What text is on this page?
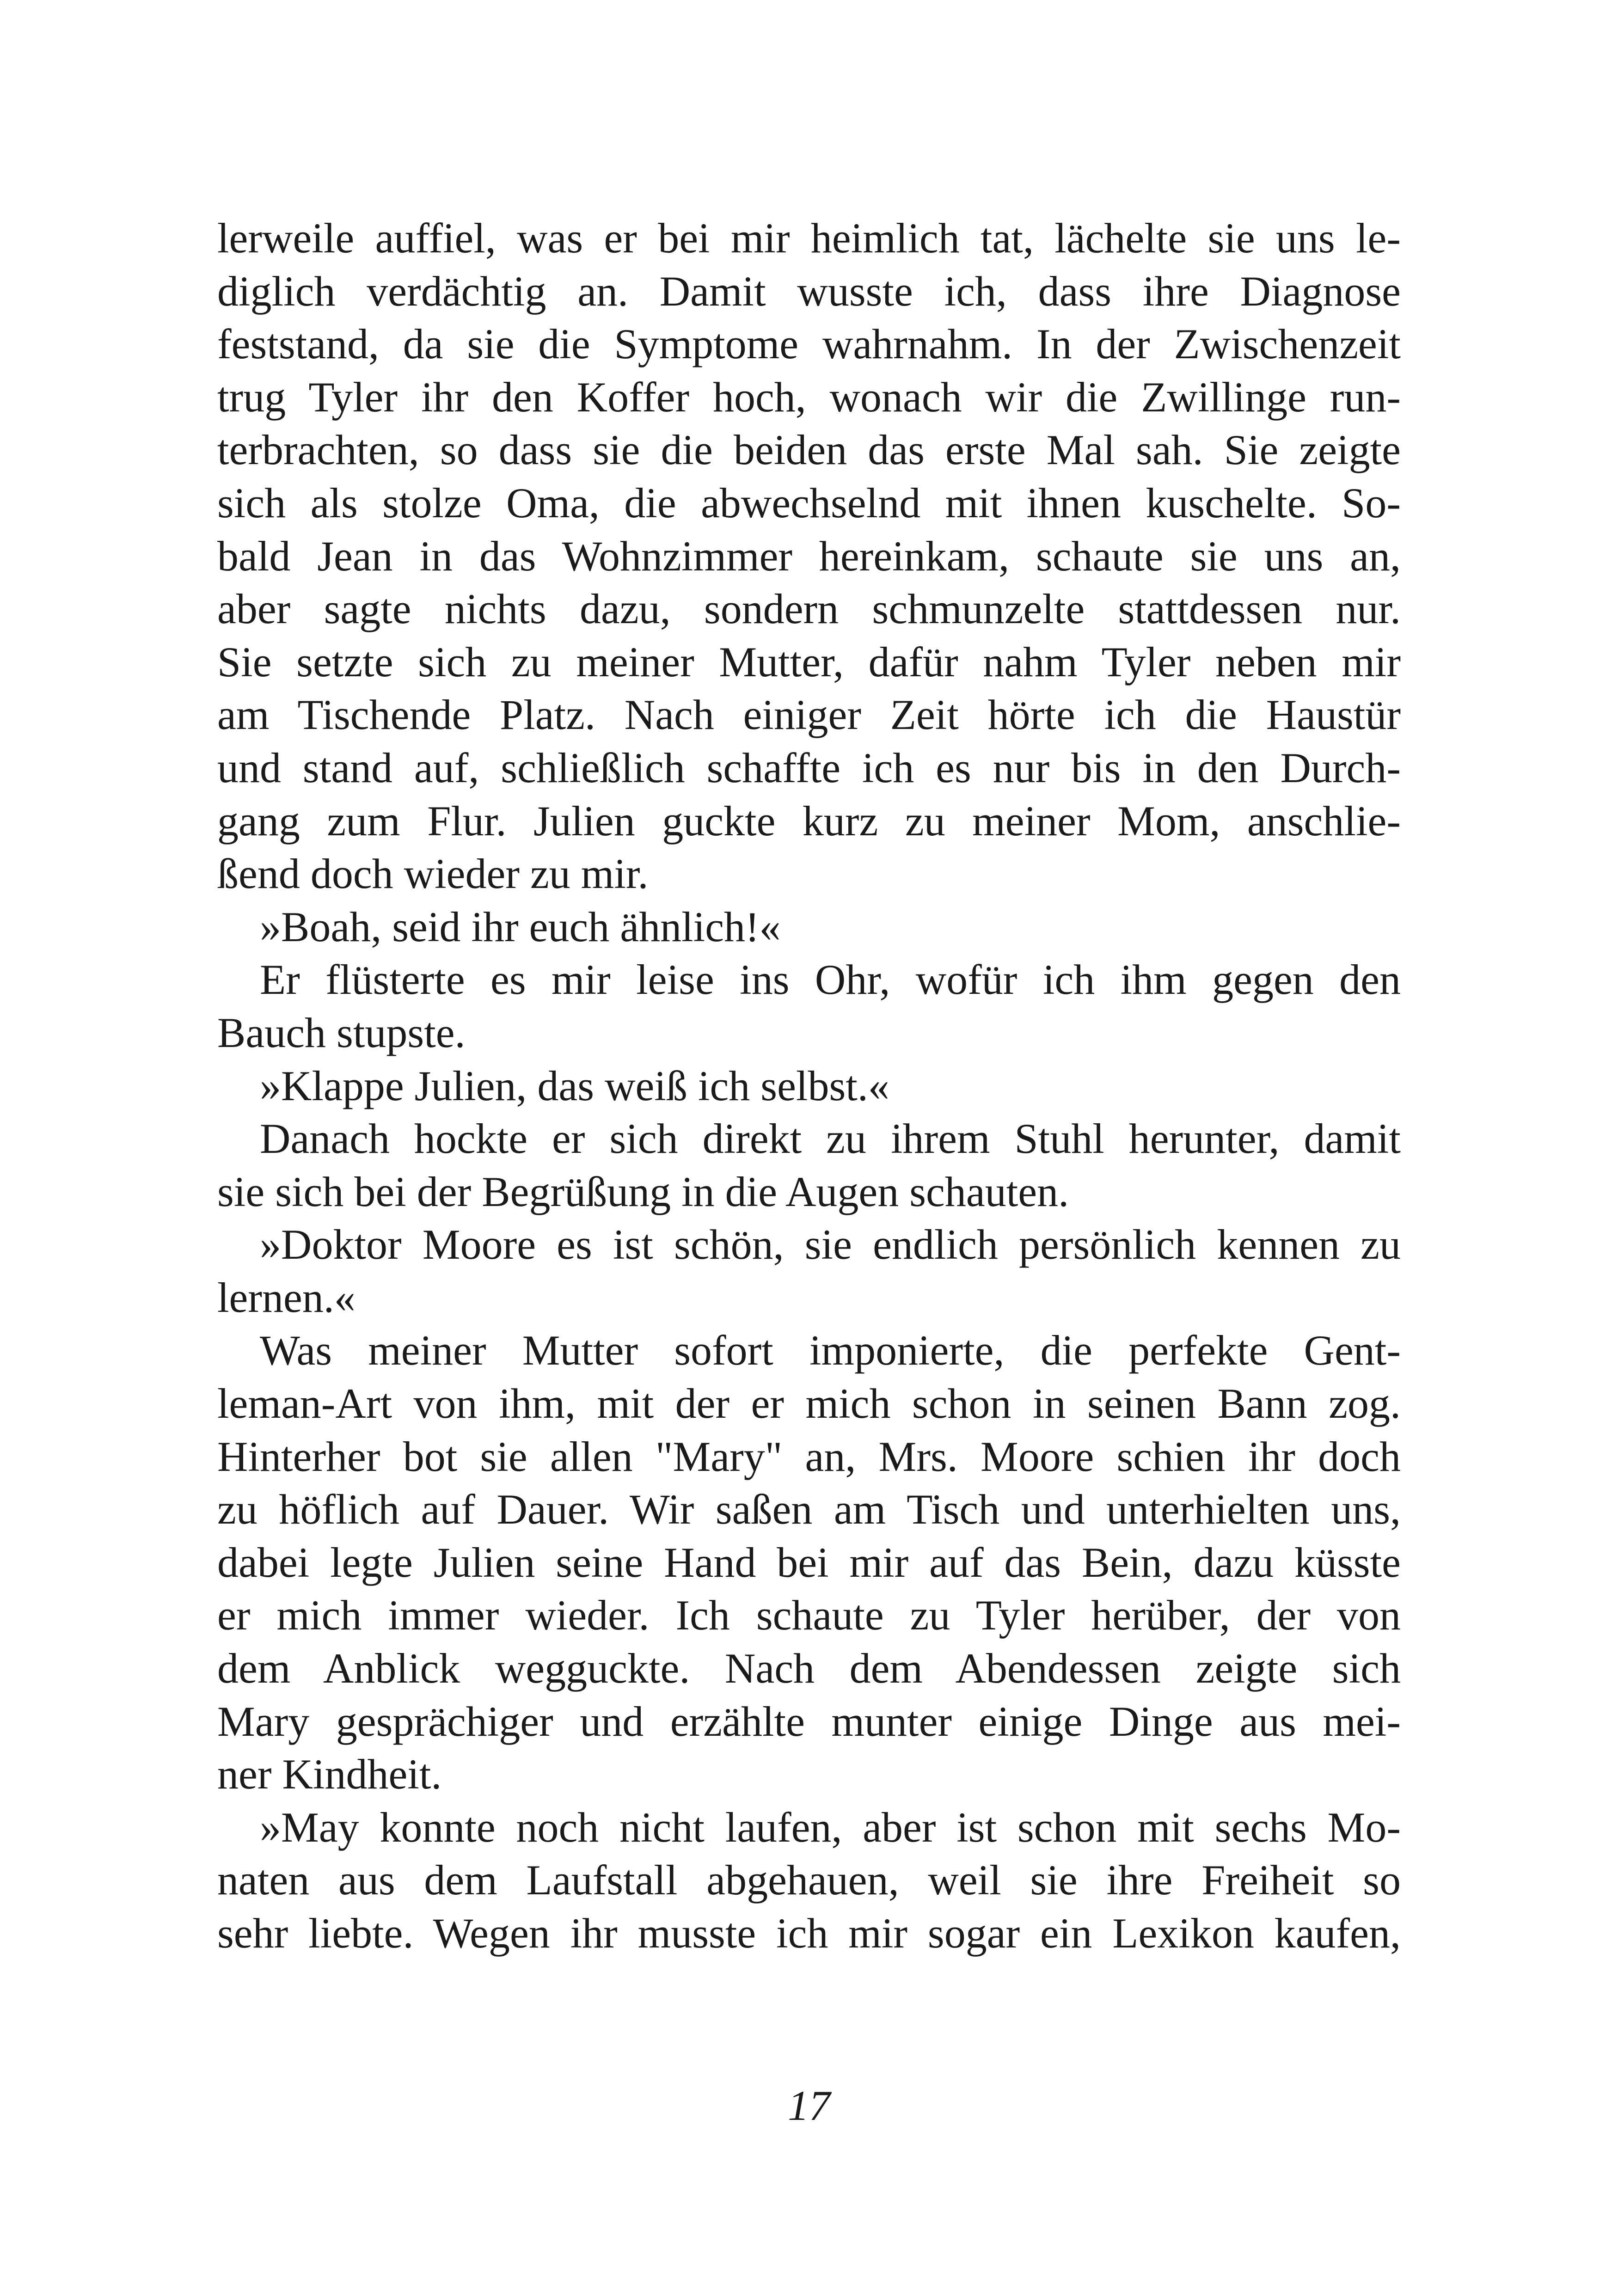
lerweile auffiel, was er bei mir heimlich tat, lächelte sie uns le-
diglich verdächtig an. Damit wusste ich, dass ihre Diagnose
feststand, da sie die Symptome wahrnahm. In der Zwischenzeit
trug Tyler ihr den Koffer hoch, wonach wir die Zwillinge run-
terbrachten, so dass sie die beiden das erste Mal sah. Sie zeigte
sich als stolze Oma, die abwechselnd mit ihnen kuschelte. So-
bald Jean in das Wohnzimmer hereinkam, schaute sie uns an,
aber sagte nichts dazu, sondern schmunzelte stattdessen nur.
Sie setzte sich zu meiner Mutter, dafür nahm Tyler neben mir
am Tischende Platz. Nach einiger Zeit hörte ich die Haustür
und stand auf, schließlich schaffte ich es nur bis in den Durch-
gang zum Flur. Julien guckte kurz zu meiner Mom, anschlie-
ßend doch wieder zu mir.
»Boah, seid ihr euch ähnlich!«
Er flüsterte es mir leise ins Ohr, wofür ich ihm gegen den
Bauch stupste.
»Klappe Julien, das weiß ich selbst.«
Danach hockte er sich direkt zu ihrem Stuhl herunter, damit
sie sich bei der Begrüßung in die Augen schauten.
»Doktor Moore es ist schön, sie endlich persönlich kennen zu
lernen.«
Was meiner Mutter sofort imponierte, die perfekte Gent-
leman-Art von ihm, mit der er mich schon in seinen Bann zog.
Hinterher bot sie allen "Mary" an, Mrs. Moore schien ihr doch
zu höflich auf Dauer. Wir saßen am Tisch und unterhielten uns,
dabei legte Julien seine Hand bei mir auf das Bein, dazu küsste
er mich immer wieder. Ich schaute zu Tyler herüber, der von
dem Anblick wegguckte. Nach dem Abendessen zeigte sich
Mary gesprächiger und erzählte munter einige Dinge aus mei-
ner Kindheit.
»May konnte noch nicht laufen, aber ist schon mit sechs Mo-
naten aus dem Laufstall abgehauen, weil sie ihre Freiheit so
sehr liebte. Wegen ihr musste ich mir sogar ein Lexikon kaufen,
17
